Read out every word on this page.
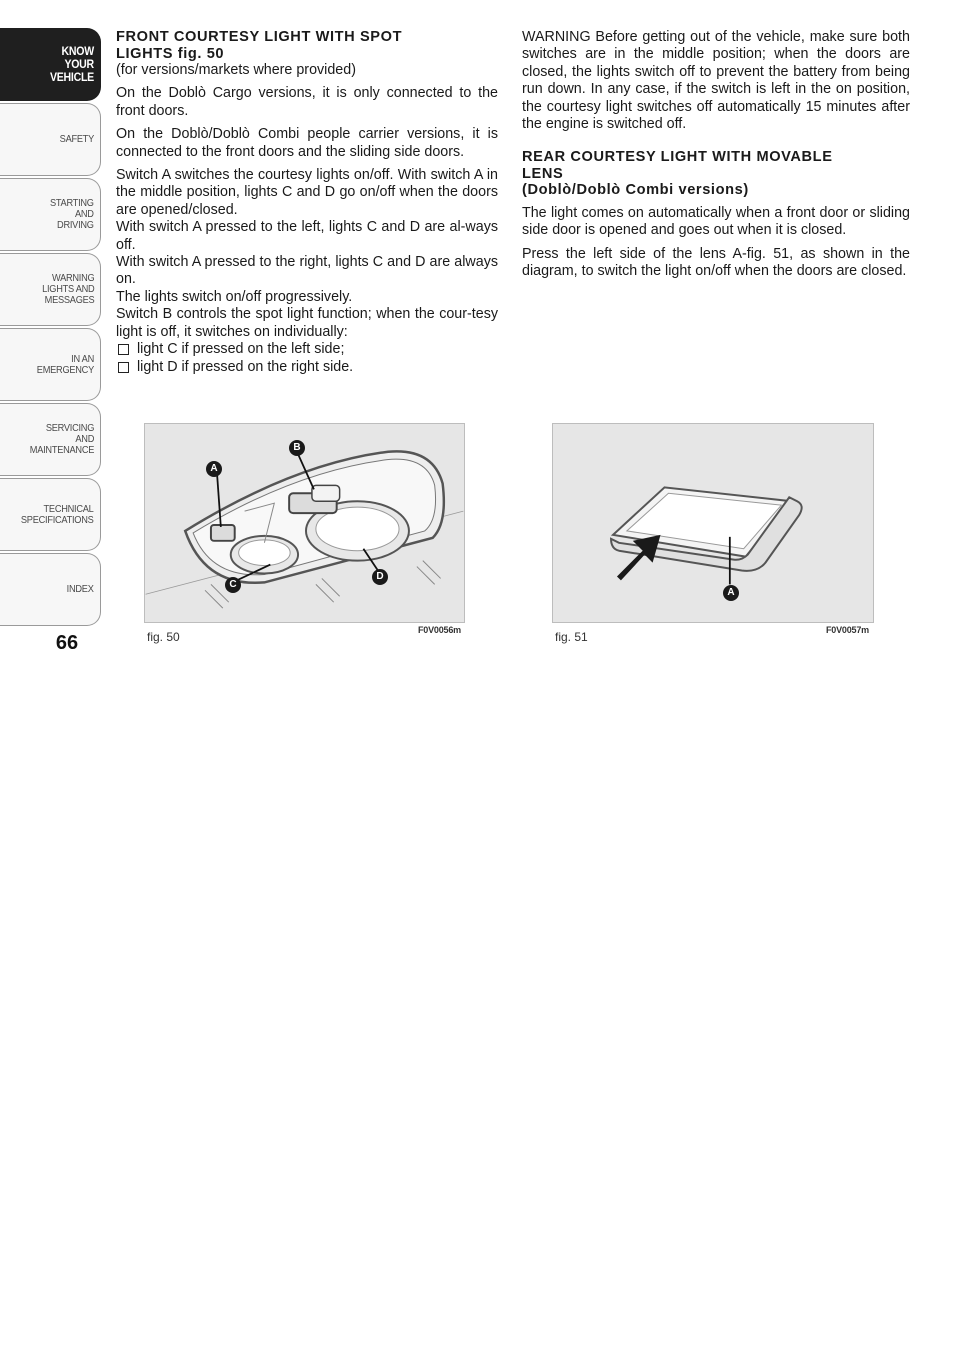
KNOW
YOUR
VEHICLE
SAFETY
STARTING
AND
DRIVING
WARNING
LIGHTS AND
MESSAGES
IN AN
EMERGENCY
SERVICING
AND
MAINTENANCE
TECHNICAL
SPECIFICATIONS
INDEX
66
FRONT COURTESY LIGHT WITH SPOT
LIGHTS fig. 50

(for versions/markets where provided)

On the Doblò Cargo versions, it is only connected to the front doors.

On the Doblò/Doblò Combi people carrier versions, it is connected to the front doors and the sliding side doors.

Switch A switches the courtesy lights on/off. With switch A in the middle position, lights C and D go on/off when the doors are opened/closed.

With switch A pressed to the left, lights C and D are al-ways off.

With switch A pressed to the right, lights C and D are always on.

The lights switch on/off progressively.

Switch B controls the spot light function; when the cour-tesy light is off, it switches on individually:

light C if pressed on the left side;
light D if pressed on the right side.

WARNING Before getting out of the vehicle, make sure both switches are in the middle position; when the doors are closed, the lights switch off to prevent the battery from being run down. In any case, if the switch is left in the on position, the courtesy light switches off automatically 15 minutes after the engine is switched off.

REAR COURTESY LIGHT WITH MOVABLE
LENS
(Doblò/Doblò Combi versions)

The light comes on automatically when a front door or sliding side door is opened and goes out when it is closed.

Press the left side of the lens A-fig. 51, as shown in the diagram, to switch the light on/off when the doors are closed.

A
B
C
D
fig. 50	F0V0056m
A
fig. 51	F0V0057m
